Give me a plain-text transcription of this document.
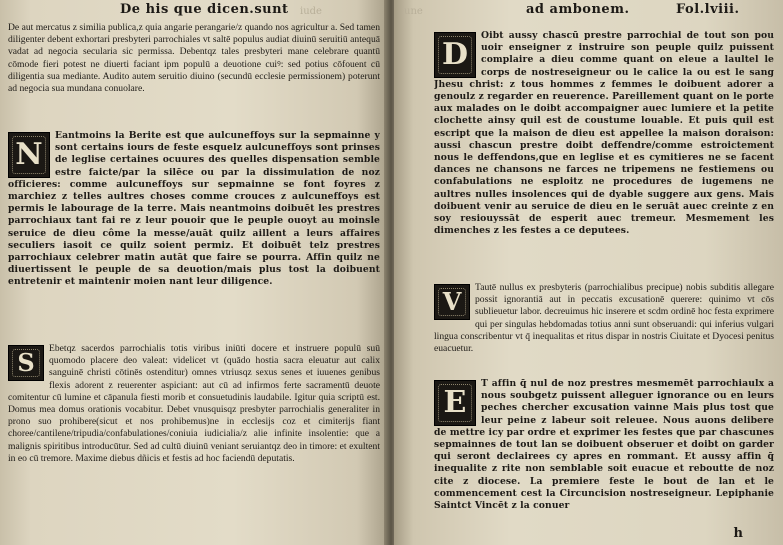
iude
De his que dicen.sunt

De aut mercatus z similia publica,z quia angarie perangarie/z quando nos agricultur a. Sed tamen diligenter debent exhortari presbyteri parrochiales vt saltē populus audiat diuinū seruitiū antequā vadat ad negocia secularia sic permissa. Debentqz tales presbyteri mane celebrare quantū cōmode fieri potest ne diuerti faciant ipm populū a deuotione cuiꝰ: sed potius cōfouent cū diligentia sua mediante. Audito autem seruitio diuino (secundū ecclesie permissionem) poterunt ad negocia sua mundana conuolare.

N

Eantmoins la Berite est que aulcuneffoys sur la sepmainne y sont certains iours de feste esquelz aulcuneffoys sont prinses de leglise certaines ocuures des quelles dispensation semble estre faicte/par la silēce ou par la dissimulation de noz officieres: comme aulcuneffoys sur sepmainne se font foyres z marchiez z telles aultres choses comme crouces z aulcuneffoys est permis le labourage de la terre. Mais neantmoins doibuēt les prestres parrochiaux tant fai re z leur pouoir que le peuple ouoyt au moinsle seruice de dieu côme la messe/auāt quilz aillent a leurs affaires seculiers iasoit ce quilz soient permiz. Et doibuēt telz prestres parrochiaux celebrer matin autāt que faire se pourra. Affin quilz ne diuertissent le peuple de sa deuotion/mais plus tost la doibuent entretenir et maintenir moien nant leur diligence.

S	Ebetqz sacerdos parrochialis totis viribus iniūti docere et instruere populū suū quomodo placere deo valeat: videlicet vt (quādo hostia sacra eleuatur aut calix sanguinē christi cōtinēs ostenditur) omnes vtriusqz sexus senes et iuuenes genibus flexis adorent z reuerenter aspiciant: aut cū ad infirmos ferte sacramentū deuote comitentur cū lumine et cāpanula fiesti morib et consuetudinis laudabile. Igitur quia scriptū est. Domus mea domus orationis vocabitur. Debet vnusquisqz presbyter parrochialis generaliter in prono suo prohibere(sicut et nos prohibemus)ne in ecclesijs coz et cimiterijs fiant choree/cantilene/tripudia/confabulationes/coniuia iudicialia/z alie infinite insolentie: que a malignis spiritibus introducūtur. Sed ad cultū diuinū veniant seruiantqz deo in timore: et exultent in eo cū tremore. Maxime diebus dñicis et festis ad hoc faciendū deputatis.

une	ad ambonem.	Fol.lviii.
D

Oibt aussy chascū prestre parrochial de tout son pou uoir enseigner z instruire son peuple quilz puissent complaire a dieu comme quant on eleue a laultel le corps de nostreseigneur ou le calice la ou est le sang Jhesu christ: z tous hommes z femmes le doibuent adorer a genoulz z regarder en reuerence. Pareillement quant on le porte aux malades on le doibt accompaigner auec lumiere et la petite clochette ainsy quil est de coustume louable. Et puis quil est escript que la maison de dieu est appellee la maison doraison: aussi chascun prestre doibt deffendre/comme estroictement nous le deffendons,que en leglise et es cymitieres ne se facent dances ne chansons ne farces ne tripemens ne festiemens ou confabulations ne esploitz ne procedures de iugemens ne aultres nulles insolences qui de dyable suggere aux gens. Mais doibuent venir au seruice de dieu en le seruāt auec creinte z en soy resiouyssāt de esperit auec tremeur. Mesmement les dimenches z les festes a ce deputees.

V	Tautē nullus ex presbyteris (parrochialibus precipue) nobis subditis allegare possit ignorantiā aut in peccatis excusationē querere: quinimo vt cōs sublieuetur labor. decreuimus hic inserere et scdm ordinē hoc festa exprimere qui per singulas hebdomadas totius anni sunt obseruandi: qui inferius vulgari lingua conscribentur vt q̄ inequalitas et ritus dispar in nostris Ciuitate et Dyocesi penitus euacuetur.

E

T affin q̄ nul de noz prestres mesmemēt parrochiaulx a nous soubgetz puissent alleguer ignorance ou en leurs peches chercher excusation vainne Mais plus tost que leur peine z labeur soit releuee. Nous auons delibere de mettre icy par ordre et exprimer les festes que par chascunes sepmainnes de tout lan se doibuent obseruer et doibt on garder qui seront declairees cy apres en rommant. Et aussy affin q̄ inequalite z rite non semblable soit euacue et reboutte de noz cite z diocese. La premiere feste le bout de lan et le commencement cest la Circuncision nostreseigneur. Lepiphanie Saintct Vincēt z la conuer

h
